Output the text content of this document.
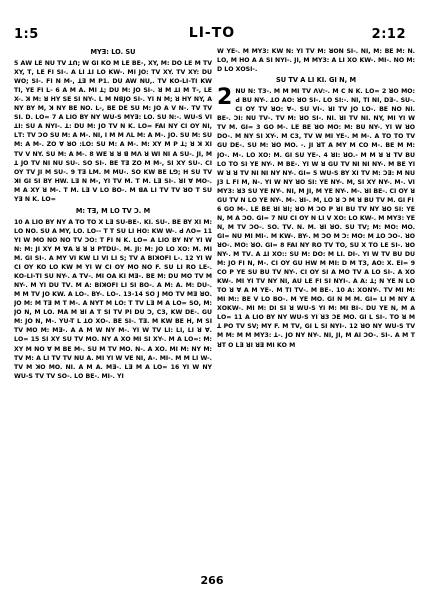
1:5	ꓡI-ꓔO	2:12

MYꓱ: LO. SU

5 ꓮW LE NU ꓔV ꓕꓵ; W ꓖꓲ Kꓳ M LE BE-, XY, M: DO LE M ꓔV XY, ꓔ, LE FI SI-. A LI ꓕꓲ ꓡO KW-. Mꓲ JO: ꓔV XY. ꓔV XY: DU Wꓳ; SI-. FI N M-, ꓕꓱ M P1. DU AW NU,. ꓔV Kꓳ-LI-ꓔI KW ꓔI, ꓬE FI ꓡ- 6 A M ꓮ. MI ꓕ; DU M: JO SI-. ꓤ M ꓕI M ꓔ-, LE X-. ꓘ M: ꓤ HY SE SI NY-. ꓡ M NꓭJO SI-. YI N M; ꓤ HY NY, ꓮ NY BY M, ꓘ NY BE NO. ꓡ-, BE DE SU M: JO ꓮ V N-. ꓔV ꓔV SI. ꓓ. ꓡO= 7 A LIO BY NY WU-S MYꓱ: LO. SU N:-. WU-S VI ꓕI: SU ꓮ NYI-. ꓕ: DU M: JO ꓔV N K. ꓡO= FAI NY CI OY NI, ꓡꓔ: ꓔV ꓛO SU M: A M-. NI, I M ꓟ ꓥꓡ M: A M-. Jꓳ. SU M: SU M: ꓮ M-. ꓜO ꓯ ꓤO :ꓡꓳ: SU M: A M-. M: XY M ꓑ ꓕ; ꓤ ꓘ XI ꓔꓦ ꓦ NY. SU M: A M-. 8 WE ꓤ ꓤ ꓭ Mꓥ ꓤ ꓪꓲ ꓠI ꓮ SU-. JI, M ꓕ JO ꓔV NI NU SU-. ꓢꓳ SI-. BE ꓔꓱ ꓜO ꓟ ꓟ-, SI XY SU-. CI OY ꓔV JI ꓟ SU-. 9 ꓔꓱ ꓡꓟ. M MU-. ꓢꓳ KW BE ꓡꓨ; H SU ꓔV ꓘꓲ ꓖꓲ ꓢꓲ BY HW. ꓡꓱ N M-, YI ꓔꓦ M. ꓔ M. ꓡꓱ ꓢꓲ-. ꓤꓲ ꓯ ꓟꓳ-. M ꓮ XY ꓤ M-. ꓔ M. ꓡꓱ ꓦ ꓡꓳ BO-. M ꓭꓮ ꓡꓲ ꓔꓦ ꓔꓦ ꓤꓳ ꓔ SU ꓬꓱ N K. ꓡO=

M: ꓔꓱ, ꓟ ꓡꓳ ꓔV ꓛ. M

10 A LIO BY NY A ꓔO ꓔO X ꓡꓱ SU-BE-. Kꓲ. SU-. BE BY ꓫꓲ M: ꓡO NO. SU A MY, ꓡO. ꓡO-- ꓔ ꓔ SU ꓡꓲ ꓧO: KW W-. ꓒ ꓥO= 11 YI W MO ꓠꓳ ꓠꓳ ꓔV ꓛꓳ: ꓔ FI N K. ꓡO= A LIO BY NY YI W N: M: JI XY M ꓯꓮ ꓤ ꓤ ꓤ PꓔDU-. M. JI: M: JO LO Xꓳ: M. MI M. ꓖꓲ SI-. A MY VI KW ꓡꓲ VI ꓡꓲ ꓢ; ꓔV ꓮ BꓲꓘꓳFꓲ ꓡ-. 12 YI W CI OY KO LO KW M YI W CI OY MO NO F. SU ꓡꓲ RO LE-. Kꓳ-LI-ꓔI SU NY-. ꓮ ꓔꓦ-. MI ꓳꓮ Kꓲ ꓟꓱ-. BE M: DU Mꓳ ꓔꓦ ꓟ NY-. M YI DU ꓔꓦ. M ꓮ: BꓲꓘꓳFꓲ ꓡꓲ ꓢꓲ BO-. ꓮ M: ꓮ. M: DU-. M ꓟ ꓔꓦ JO KW. ꓮ LO-. BY-. ꓡO-. 13-14 ꓢꓳ J MO ꓔV ꓟꓱ ꓤꓳ. JO M: ꓟ ꓔꓱ M ꓔ M-. ꓮ NYꓔ M ꓡꓳ: ꓔ ꓔꓦ ꓡꓱ ꓟ ꓮ ꓡO= SO, M: JO N, M ꓡO. ꓟꓮ ꓟ ꓤꓲ ꓮ ꓔ ꓢꓲ ꓔꓦ ꓑꓲ DU ꓛ, C3, KW DE-. GU M: JO N, M-. YU-T L ꓕꓳ ꓫꓳ-. BE SI-. ꓔꓱ. ꓟ KW BE ꓧ, M ꓢꓲ ꓔꓦ ꓟꓳ M: ꓟꓱ-. A ꓮ ꓟ W NY M-. YI W ꓔV LI: ꓡꓲ, ꓡꓲ ꓤ ꓯ. ꓡO= 15 SI XY SU ꓔV MO. NY A Xꓳ ꓟꓲ SI XY-. M A ꓡO=: M: XY M NO ꓯ M BE M-. SU M ꓔꓦ MO. N-. A Xꓳ. MI M: NY M: ꓔꓦ M: ꓮ ꓡꓲ ꓔꓦ ꓔꓦ NU ꓮ. MI YI W VE NI, ꓮ-. MI-. ꓟ M ꓡꓲ W-. ꓔꓦ M ꓘꓳ MO. Nꓲ. ꓮ M ꓮ. ꓟꓱ-. ꓡꓱ M ꓮ ꓡO= 16 YI W NY WU-S ꓔV ꓔꓦ ꓢꓳ-. ꓡꓳ BE-. MI-. YI

W YE-. M MY3: KW N: YI ꓔV M: ꓤꓳN SI-. NI, M: BE M: N. ꓡO, M ꓧO ꓮ ꓮ SI NYI-. JI, M MY3: A ꓡꓲ Xꓳ KW-. MI-. NO M: ꓓ ꓡO XꓳSI-.

SU ꓔV A ꓡꓲ Kꓲ. Gꓲ N, M

2 NU N: ꓔ3-. M M ꓟꓲ ꓔꓦ ꓥV:-. M C N K. ꓡO= 2 ꓤO MO: ꓒ BU NY-. ꓕꓳ ꓮꓳ: ꓤꓳ SI-. ꓡꓳ SI:-. NI, ꓔꓲ NI, ꓓꓱ-. SU-. CI OY ꓔV ꓤꓳ: ꓯ-. SU Vꓲ-. ꓤꓲ ꓔV Jꓳ ꓡꓳ-. BE NO NI. BE-. ꓛꓲ: NU ꓔꓦ-. ꓔꓦ M: ꓤꓳ SI-. Nꓲ. ꓤꓲ ꓔꓦ NI. NY, MI YI W ꓔꓦ M. Gꓲ= 3 GO M-. ꓡE BE ꓤO MO: M: BU NY-. YI W ꓤO ꓓO-. M NY SI XY-. M C3, ꓔV W ꓟꓲ YE-. M ꓟ-. A ꓔO ꓔO ꓔV GU ꓓE-. SU M: ꓤO ꓟO. -. JI ꓤꓔ A MY M CO ꓟ-. BE M M: JO-. ꓟ-. ꓡO Xꓳ: M. ꓖꓲ SU YE-. 4 ꓤꓲ: ꓤO.- M M ꓤ ꓤ ꓔV BU ꓡꓳ ꓔO SI YE NY-. M BE-. YI W ꓤ GU ꓔV NI NI NY-. M BE YI W ꓤ ꓤ ꓔV NI NI NY NY-. Gꓲ= 5 WU-S BY Xꓲ ꓔV M: ꓛꓱ: M NU J3 L FI M, N-. YI W NY ꓤO SI: YE NY-. M, SI XY NY-. M-. VI MY3: ꓤ3 SU YE NY-. NI, M JI, M YE NY-. M-. ꓤꓲ BE-. CI OY ꓤ GU ꓔV N ꓡꓳ YE NY-. M-. ꓤꓲ-. M, ꓡꓳ ꓤ ꓛ M ꓤ BU ꓔV M. Gꓲ FI

6 GO M-. ꓡE BE ꓤI ꓤꓲ; ꓤO M ꓛO P ꓤꓲ BU ꓔV NY ꓤO SI: YE N, M ꓮ ꓛO. Gꓲ= 7 NU CI OY N ꓡꓲ V Xꓳ: ꓡO KW-. ꓟ MY3: YE N, M ꓔꓦ ꓛO-. SO. ꓔꓦ. N. M. ꓤꓲ ꓤꓳ. SU ꓔꓦ; M: ꓟO: MO. Gꓲ= NU MI MI-. M KW-. BY-. M ꓛO ꓟ ꓛ: ꓟꓳ: M ꓕO ꓛO-. ꓤꓳ ꓤꓳ-. ꓟꓳ: ꓤO. Gꓲ= 8 FAI NY RO ꓔV ꓔO, SU X ꓔO LE SI-. ꓤO NY-. M ꓔꓦ. ꓮ ꓕꓲ Xꓳ:: SU M: ꓓꓳ: M ꓡꓲ. ꓓꓲ-. YI W ꓔꓦ BU DU M: JO FI N, M-. CI OY GU HW M ꓟꓲ: D M ꓔ3, ꓮO: X. Eꓲ= 9 CO P YE SU BU ꓔV NY-. CI OY SI ꓮ ꓟꓳ ꓔꓦ A ꓡO SI-. A Xꓳ KW-. MI YI ꓔV NY NI, ꓮU LE FI SI NYI-. ꓮ ꓮ: ꓕ; N YE N ꓡO ꓔO ꓤ ꓯ ꓮ M YE-. M ꓔꓲ ꓔꓦ-. M BE-. 10 ꓮ: XꓳNY-. ꓔꓦ ꓟꓲ M: ꓟꓲ M:: BE V ꓡꓳ BO-. M YE MO. Gꓲ N M M. Gꓲ= ꓡꓲ M NY A XꓳKW-. MI M: ꓓꓲ SI ꓤ WU-S YI M: MI BI-. DU YE N, M ꓮ ꓡO= 11 A ꓡꓲO BY NY WU-S YI ꓤ3 ꓛE MO. Gꓲ ꓡ SI-. ꓔO ꓤ ꓟ ꓕ PO ꓔV SV; MY F. M ꓔꓦ, Gꓲ ꓡ SI NYI-. 12 ꓤO NY WU-S ꓔV M M: ꓟ M MY3: ꓕ-. JO NY NY-. NI, JI, M ꓮꓲ ꓛO-. SI-. A M ꓔ ꓤꓔ O ꓡꓱ ꓤꓲ ꓤꓱ ꓟꓲ Kꓳ M

266
